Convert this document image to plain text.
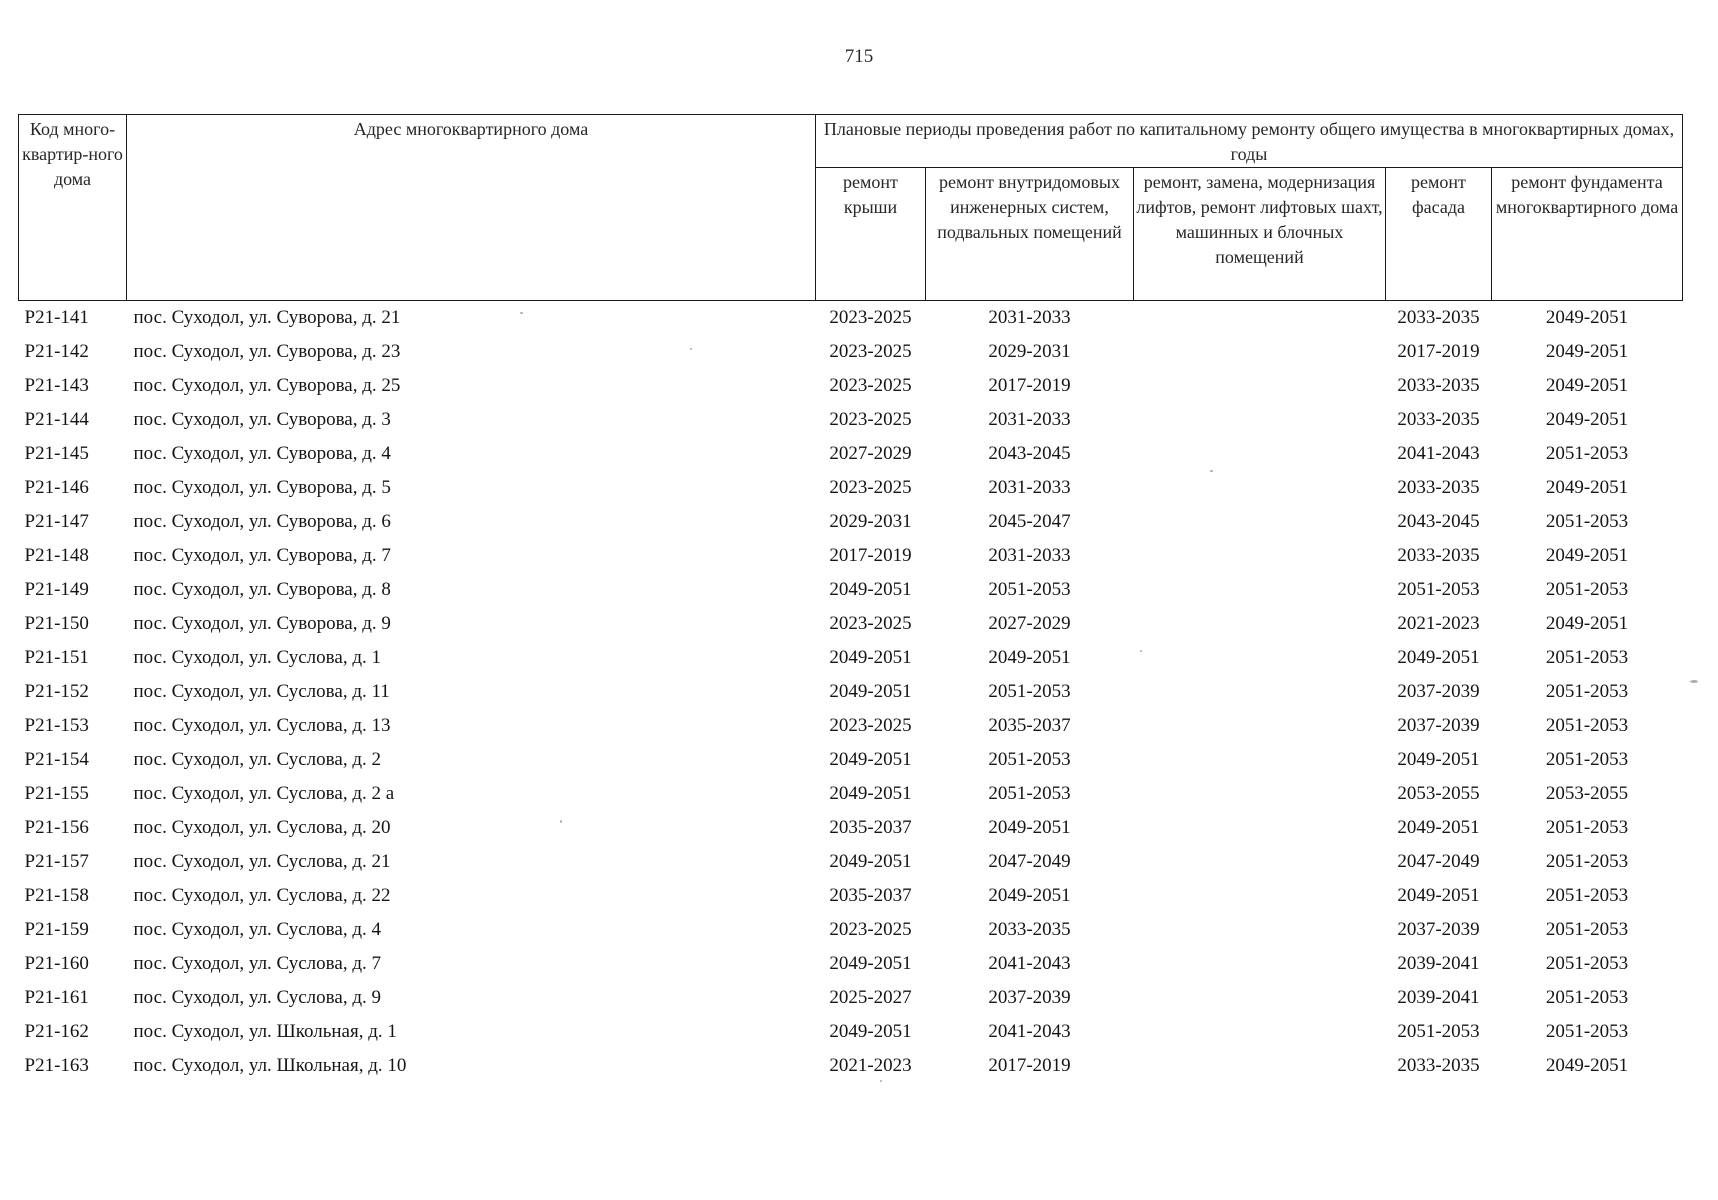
715
Код много-квартир-ного дома	Адрес многоквартирного дома	Плановые периоды проведения работ по капитальному ремонту общего имущества в многоквартирных домах, годы				
		ремонт крыши	ремонт внутридомовых инженерных систем, подвальных помещений	ремонт, замена, модернизация лифтов, ремонт лифтовых шахт, машинных и блочных помещений	ремонт фасада	ремонт фундамента многоквартирного дома
P21-141	пос. Суходол, ул. Суворова, д. 21	2023-2025	2031-2033		2033-2035	2049-2051
P21-142	пос. Суходол, ул. Суворова, д. 23	2023-2025	2029-2031		2017-2019	2049-2051
P21-143	пос. Суходол, ул. Суворова, д. 25	2023-2025	2017-2019		2033-2035	2049-2051
P21-144	пос. Суходол, ул. Суворова, д. 3	2023-2025	2031-2033		2033-2035	2049-2051
P21-145	пос. Суходол, ул. Суворова, д. 4	2027-2029	2043-2045		2041-2043	2051-2053
P21-146	пос. Суходол, ул. Суворова, д. 5	2023-2025	2031-2033		2033-2035	2049-2051
P21-147	пос. Суходол, ул. Суворова, д. 6	2029-2031	2045-2047		2043-2045	2051-2053
P21-148	пос. Суходол, ул. Суворова, д. 7	2017-2019	2031-2033		2033-2035	2049-2051
P21-149	пос. Суходол, ул. Суворова, д. 8	2049-2051	2051-2053		2051-2053	2051-2053
P21-150	пос. Суходол, ул. Суворова, д. 9	2023-2025	2027-2029		2021-2023	2049-2051
P21-151	пос. Суходол, ул. Суслова, д. 1	2049-2051	2049-2051		2049-2051	2051-2053
P21-152	пос. Суходол, ул. Суслова, д. 11	2049-2051	2051-2053		2037-2039	2051-2053
P21-153	пос. Суходол, ул. Суслова, д. 13	2023-2025	2035-2037		2037-2039	2051-2053
P21-154	пос. Суходол, ул. Суслова, д. 2	2049-2051	2051-2053		2049-2051	2051-2053
P21-155	пос. Суходол, ул. Суслова, д. 2 а	2049-2051	2051-2053		2053-2055	2053-2055
P21-156	пос. Суходол, ул. Суслова, д. 20	2035-2037	2049-2051		2049-2051	2051-2053
P21-157	пос. Суходол, ул. Суслова, д. 21	2049-2051	2047-2049		2047-2049	2051-2053
P21-158	пос. Суходол, ул. Суслова, д. 22	2035-2037	2049-2051		2049-2051	2051-2053
P21-159	пос. Суходол, ул. Суслова, д. 4	2023-2025	2033-2035		2037-2039	2051-2053
P21-160	пос. Суходол, ул. Суслова, д. 7	2049-2051	2041-2043		2039-2041	2051-2053
P21-161	пос. Суходол, ул. Суслова, д. 9	2025-2027	2037-2039		2039-2041	2051-2053
P21-162	пос. Суходол, ул. Школьная, д. 1	2049-2051	2041-2043		2051-2053	2051-2053
P21-163	пос. Суходол, ул. Школьная, д. 10	2021-2023	2017-2019		2033-2035	2049-2051
